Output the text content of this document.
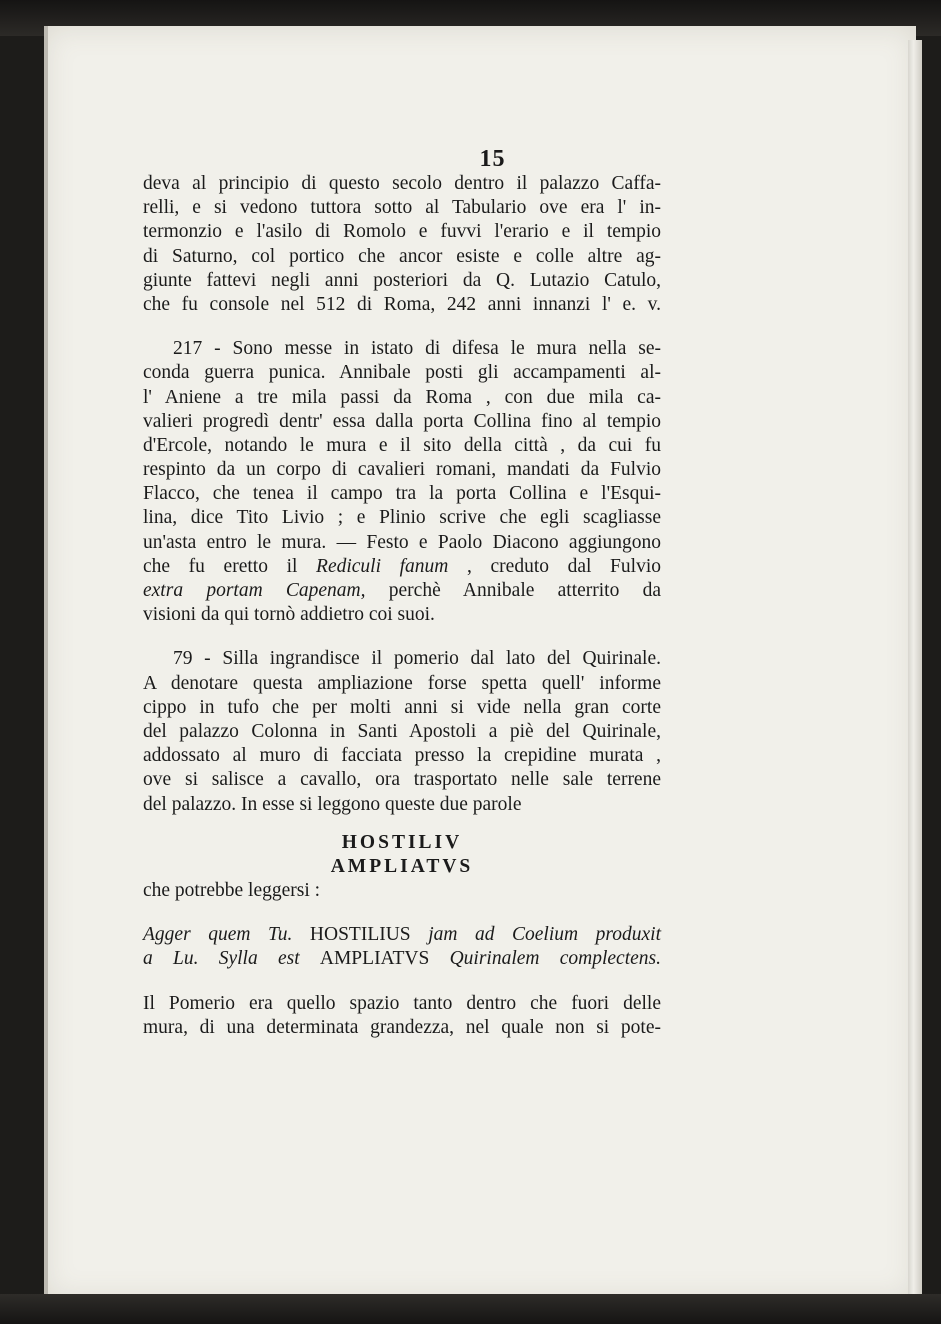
15
deva al principio di questo secolo dentro il palazzo Caffa-
relli, e si vedono tuttora sotto al Tabulario ove era l' in-
termonzio e l'asilo di Romolo e fuvvi l'erario e il tempio
di Saturno, col portico che ancor esiste e colle altre ag-
giunte fattevi negli anni posteriori da Q. Lutazio Catulo,
che fu console nel 512 di Roma, 242 anni innanzi l' e. v.
217 - Sono messe in istato di difesa le mura nella se-
conda guerra punica. Annibale posti gli accampamenti al-
l' Aniene a tre mila passi da Roma , con due mila ca-
valieri progredì dentr' essa dalla porta Collina fino al tempio
d'Ercole, notando le mura e il sito della città , da cui fu
respinto da un corpo di cavalieri romani, mandati da Fulvio
Flacco, che tenea il campo tra la porta Collina e l'Esqui-
lina, dice Tito Livio ; e Plinio scrive che egli scagliasse
un'asta entro le mura. — Festo e Paolo Diacono aggiungono
che fu eretto il Rediculi fanum , creduto dal Fulvio
extra portam Capenam, perchè Annibale atterrito da
visioni da qui tornò addietro coi suoi.
79 - Silla ingrandisce il pomerio dal lato del Quirinale.
A denotare questa ampliazione forse spetta quell' informe
cippo in tufo che per molti anni si vide nella gran corte
del palazzo Colonna in Santi Apostoli a piè del Quirinale,
addossato al muro di facciata presso la crepidine murata ,
ove si salisce a cavallo, ora trasportato nelle sale terrene
del palazzo. In esse si leggono queste due parole
HOSTILIV
AMPLIATVS
che potrebbe leggersi :
Agger quem Tu. HOSTILIUS jam ad Coelium produxit
a Lu. Sylla est AMPLIATVS Quirinalem complectens.
Il Pomerio era quello spazio tanto dentro che fuori delle
mura, di una determinata grandezza, nel quale non si pote-
